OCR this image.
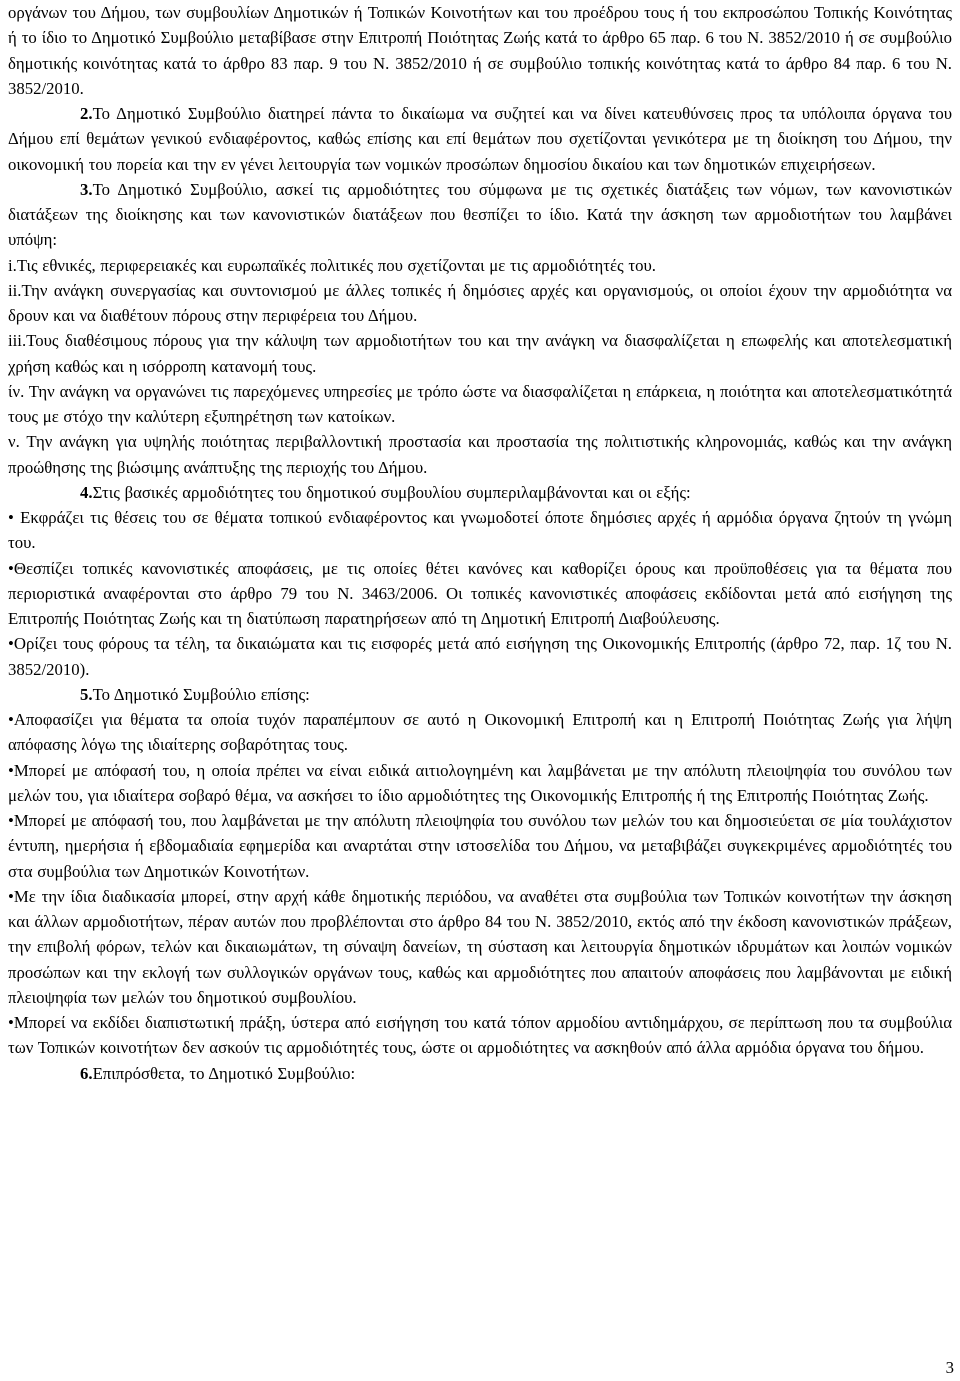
οργάνων του Δήμου, των συμβουλίων Δημοτικών ή Τοπικών Κοινοτήτων και του προέδρου τους ή του εκπροσώπου Τοπικής Κοινότητας ή το ίδιο το Δημοτικό Συμβούλιο μεταβίβασε στην Επιτροπή Ποιότητας Ζωής κατά το άρθρο 65 παρ. 6 του Ν. 3852/2010 ή σε συμβούλιο δημοτικής κοινότητας κατά το άρθρο 83 παρ. 9 του Ν. 3852/2010 ή σε συμβούλιο τοπικής κοινότητας κατά το άρθρο 84 παρ. 6 του Ν. 3852/2010.

2.Το Δημοτικό Συμβούλιο διατηρεί πάντα το δικαίωμα να συζητεί και να δίνει κατευθύνσεις προς τα υπόλοιπα όργανα του Δήμου επί θεμάτων γενικού ενδιαφέροντος, καθώς επίσης και επί θεμάτων που σχετίζονται γενικότερα με τη διοίκηση του Δήμου, την οικονομική του πορεία και την εν γένει λειτουργία των νομικών προσώπων δημοσίου δικαίου και των δημοτικών επιχειρήσεων.

3.Το Δημοτικό Συμβούλιο, ασκεί τις αρμοδιότητες του σύμφωνα με τις σχετικές διατάξεις των νόμων, των κανονιστικών διατάξεων της διοίκησης και των κανονιστικών διατάξεων που θεσπίζει το ίδιο. Κατά την άσκηση των αρμοδιοτήτων του λαμβάνει υπόψη:

i.Τις εθνικές, περιφερειακές και ευρωπαϊκές πολιτικές που σχετίζονται με τις αρμοδιότητές του.

ii.Την ανάγκη συνεργασίας και συντονισμού με άλλες τοπικές ή δημόσιες αρχές και οργανισμούς, οι οποίοι έχουν την αρμοδιότητα να δρουν και να διαθέτουν πόρους στην περιφέρεια του Δήμου.

iii.Τους διαθέσιμους πόρους για την κάλυψη των αρμοδιοτήτων του και την ανάγκη να διασφαλίζεται η επωφελής και αποτελεσματική χρήση καθώς και η ισόρροπη κατανομή τους.

ίν. Την ανάγκη να οργανώνει τις παρεχόμενες υπηρεσίες με τρόπο ώστε να διασφαλίζεται η επάρκεια, η ποιότητα και αποτελεσματικότητά τους με στόχο την καλύτερη εξυπηρέτηση των κατοίκων.

ν. Την ανάγκη για υψηλής ποιότητας περιβαλλοντική προστασία και προστασία της πολιτιστικής κληρονομιάς, καθώς και την ανάγκη προώθησης της βιώσιμης ανάπτυξης της περιοχής του Δήμου.

4.Στις βασικές αρμοδιότητες του δημοτικού συμβουλίου συμπεριλαμβάνονται και οι εξής:

• Εκφράζει τις θέσεις του σε θέματα τοπικού ενδιαφέροντος και γνωμοδοτεί όποτε δημόσιες αρχές ή αρμόδια όργανα ζητούν τη γνώμη του.

•Θεσπίζει τοπικές κανονιστικές αποφάσεις, με τις οποίες θέτει κανόνες και καθορίζει όρους και προϋποθέσεις για τα θέματα που περιοριστικά αναφέρονται στο άρθρο 79 του Ν. 3463/2006. Οι τοπικές κανονιστικές αποφάσεις εκδίδονται μετά από εισήγηση της Επιτροπής Ποιότητας Ζωής και τη διατύπωση παρατηρήσεων από τη Δημοτική Επιτροπή Διαβούλευσης.

•Ορίζει τους φόρους τα τέλη, τα δικαιώματα και τις εισφορές μετά από εισήγηση της Οικονομικής Επιτροπής (άρθρο 72, παρ. 1ζ του Ν. 3852/2010).

5.Το Δημοτικό Συμβούλιο επίσης:

•Αποφασίζει για θέματα τα οποία τυχόν παραπέμπουν σε αυτό η Οικονομική Επιτροπή και η Επιτροπή Ποιότητας Ζωής για λήψη απόφασης λόγω της ιδιαίτερης σοβαρότητας τους.

•Μπορεί με απόφασή του, η οποία πρέπει να είναι ειδικά αιτιολογημένη και λαμβάνεται με την απόλυτη πλειοψηφία του συνόλου των μελών του, για ιδιαίτερα σοβαρό θέμα, να ασκήσει το ίδιο αρμοδιότητες της Οικονομικής Επιτροπής ή της Επιτροπής Ποιότητας Ζωής.

•Μπορεί με απόφασή του, που λαμβάνεται με την απόλυτη πλειοψηφία του συνόλου των μελών του και δημοσιεύεται σε μία τουλάχιστον έντυπη, ημερήσια ή εβδομαδιαία εφημερίδα και αναρτάται στην ιστοσελίδα του Δήμου, να μεταβιβάζει συγκεκριμένες αρμοδιότητές του στα συμβούλια των Δημοτικών Κοινοτήτων.

•Με την ίδια διαδικασία μπορεί, στην αρχή κάθε δημοτικής περιόδου, να αναθέτει στα συμβούλια των Τοπικών κοινοτήτων την άσκηση και άλλων αρμοδιοτήτων, πέραν αυτών που προβλέπονται στο άρθρο 84 του Ν. 3852/2010, εκτός από την έκδοση κανονιστικών πράξεων, την επιβολή φόρων, τελών και δικαιωμάτων, τη σύναψη δανείων, τη σύσταση και λειτουργία δημοτικών ιδρυμάτων και λοιπών νομικών προσώπων και την εκλογή των συλλογικών οργάνων τους, καθώς και αρμοδιότητες που απαιτούν αποφάσεις που λαμβάνονται με ειδική πλειοψηφία των μελών του δημοτικού συμβουλίου.

•Μπορεί να εκδίδει διαπιστωτική πράξη, ύστερα από εισήγηση του κατά τόπον αρμοδίου αντιδημάρχου, σε περίπτωση που τα συμβούλια των Τοπικών κοινοτήτων δεν ασκούν τις αρμοδιότητές τους, ώστε οι αρμοδιότητες να ασκηθούν από άλλα αρμόδια όργανα του δήμου.

6.Επιπρόσθετα, το Δημοτικό Συμβούλιο:

3
